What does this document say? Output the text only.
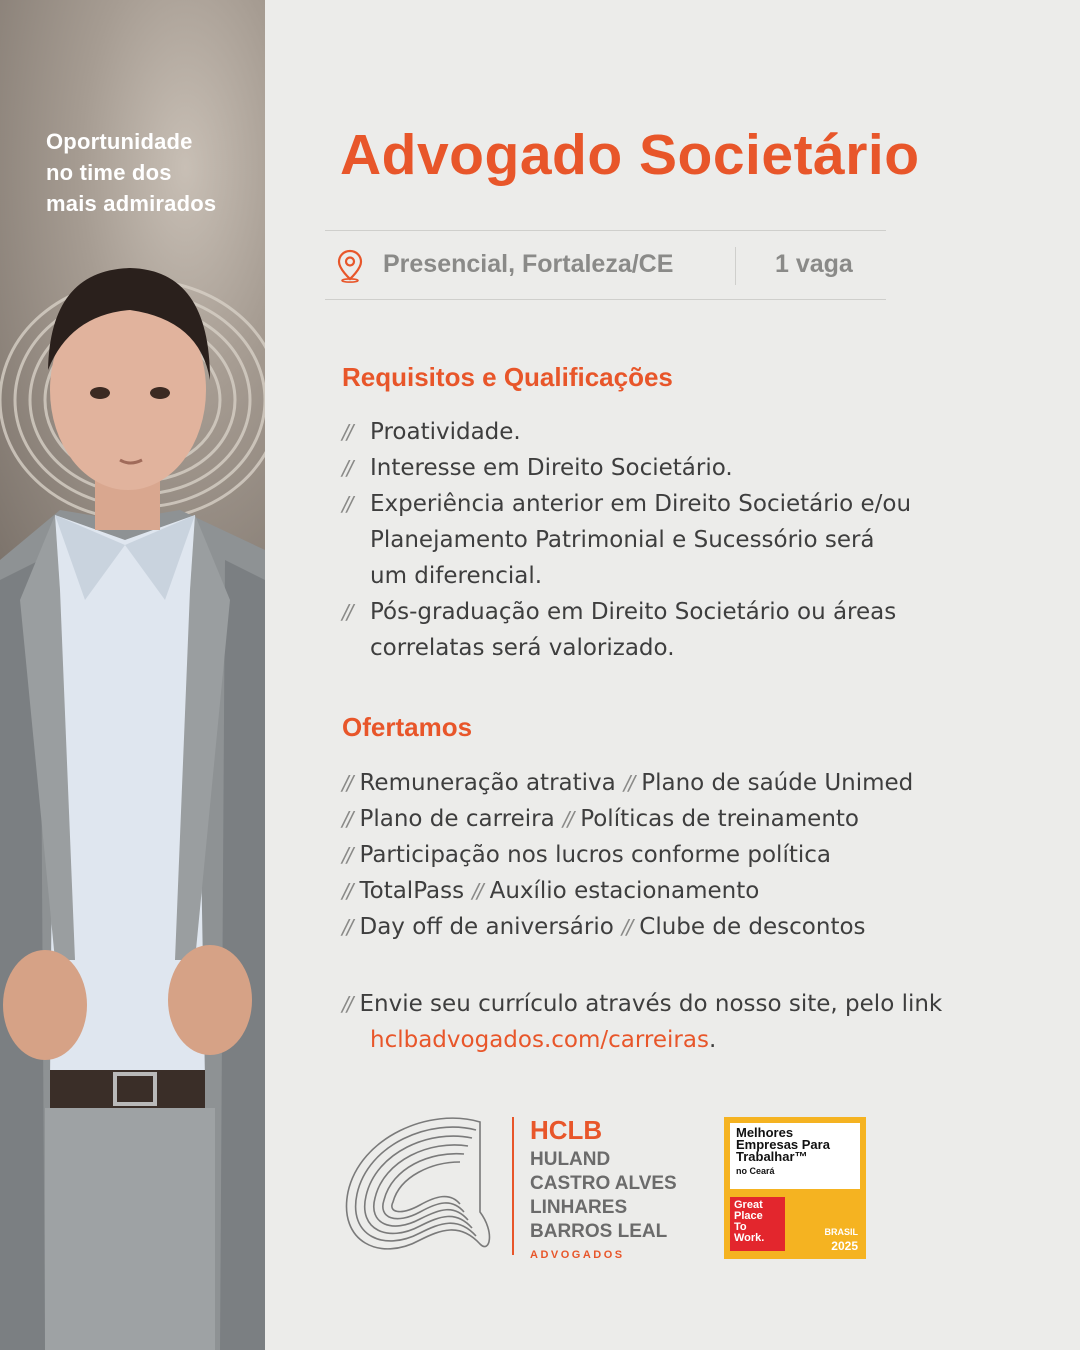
Oportunidade
no time dos
mais admirados
Advogado Societário
Presencial, Fortaleza/CE	1 vaga
Requisitos e Qualificações
// Proatividade.
// Interesse em Direito Societário.
// Experiência anterior em Direito Societário e/ou
Planejamento Patrimonial e Sucessório será
um diferencial.
// Pós-graduação em Direito Societário ou áreas
correlatas será valorizado.
Ofertamos
// Remuneração atrativa // Plano de saúde Unimed
// Plano de carreira // Políticas de treinamento
// Participação nos lucros conforme política
// TotalPass // Auxílio estacionamento
// Day off de aniversário // Clube de descontos
// Envie seu currículo através do nosso site, pelo link
hclbadvogados.com/carreiras.
HCLB
HULAND
CASTRO ALVES
LINHARES
BARROS LEAL
ADVOGADOS
Melhores
Empresas Para
Trabalhar™
no Ceará
Great
Place
To
Work.	BRASIL
2025
